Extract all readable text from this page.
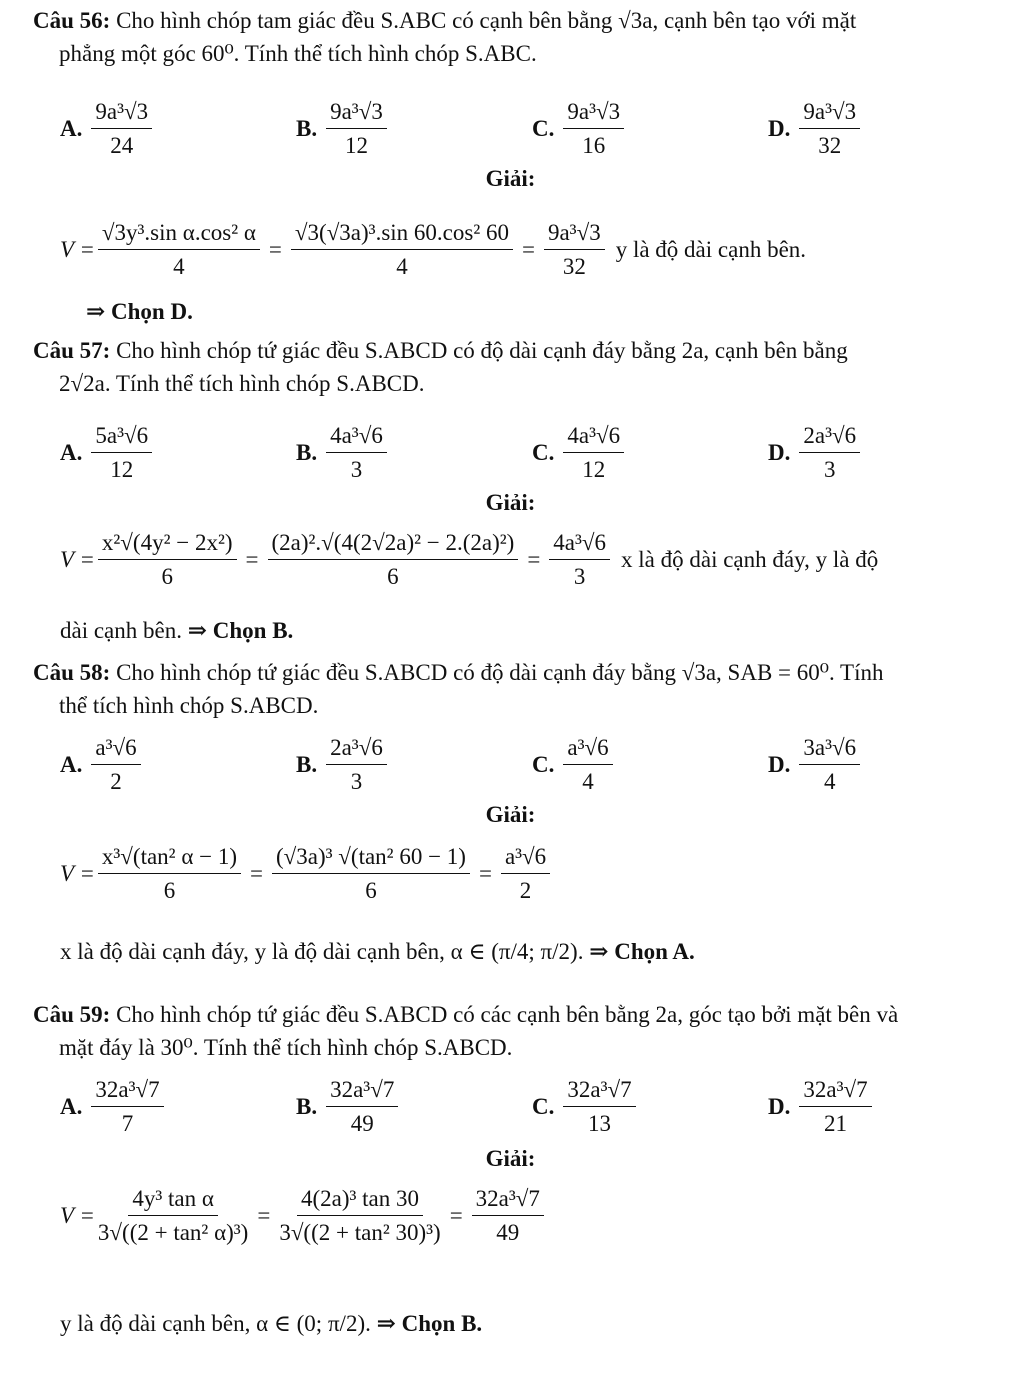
Câu 56: Cho hình chóp tam giác đều S.ABC có cạnh bên bằng √3a, cạnh bên tạo với mặt
phẳng một góc 60⁰. Tính thể tích hình chóp S.ABC.
A. $\frac{\text{9a³√3}}{24}$	B. $\frac{\text{9a³√3}}{12}$	C. $\frac{\text{9a³√3}}{16}$	D. $\frac{\text{9a³√3}}{32}$
Giải:
$V = \frac{\text{√3y³.sin α.cos² α}}{4} = \frac{\text{√3(√3a)³.sin 60.cos² 60}}{4} = \frac{\text{9a³√3}}{32}$ y là độ dài cạnh bên.
⇒ Chọn D.
Câu 57: Cho hình chóp tứ giác đều S.ABCD có độ dài cạnh đáy bằng 2a, cạnh bên bằng
2√2a. Tính thể tích hình chóp S.ABCD.
A. $\frac{\text{5a³√6}}{12}$	B. $\frac{\text{4a³√6}}{3}$	C. $\frac{\text{4a³√6}}{12}$	D. $\frac{\text{2a³√6}}{3}$
Giải:
$V = \frac{\text{x²√(4y² − 2x²)}}{6} = \frac{\text{(2a)².√(4(2√2a)² − 2.(2a)²)}}{6} = \frac{\text{4a³√6}}{3}$ x là độ dài cạnh đáy, y là độ
dài cạnh bên. ⇒ Chọn B.
Câu 58: Cho hình chóp tứ giác đều S.ABCD có độ dài cạnh đáy bằng √3a, SAB = 60⁰. Tính
thể tích hình chóp S.ABCD.
A. $\frac{\text{a³√6}}{2}$	B. $\frac{\text{2a³√6}}{3}$	C. $\frac{\text{a³√6}}{4}$	D. $\frac{\text{3a³√6}}{4}$
Giải:
$V = \frac{\text{x³√(tan² α − 1)}}{6} = \frac{\text{(√3a)³ √(tan² 60 − 1)}}{6} = \frac{\text{a³√6}}{2}$
x là độ dài cạnh đáy, y là độ dài cạnh bên, α ∈ (π/4; π/2). ⇒ Chọn A.
Câu 59: Cho hình chóp tứ giác đều S.ABCD có các cạnh bên bằng 2a, góc tạo bởi mặt bên và
mặt đáy là 30⁰. Tính thể tích hình chóp S.ABCD.
A. $\frac{\text{32a³√7}}{7}$	B. $\frac{\text{32a³√7}}{49}$	C. $\frac{\text{32a³√7}}{13}$	D. $\frac{\text{32a³√7}}{21}$
Giải:
$V = \frac{\text{4y³ tan α}}{\text{3√((2 + tan² α)³)}} = \frac{\text{4(2a)³ tan 30}}{\text{3√((2 + tan² 30)³)}} = \frac{\text{32a³√7}}{49}$
y là độ dài cạnh bên, α ∈ (0; π/2). ⇒ Chọn B.
